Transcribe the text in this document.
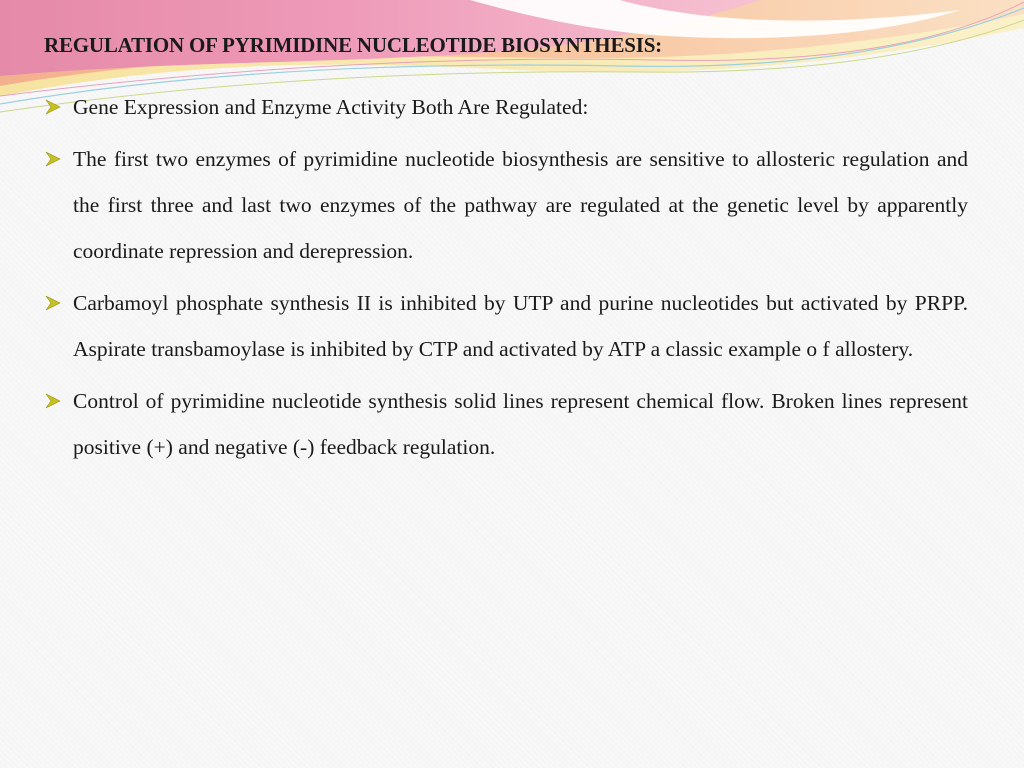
REGULATION OF PYRIMIDINE NUCLEOTIDE BIOSYNTHESIS:
Gene Expression and Enzyme Activity Both Are Regulated:
The first two enzymes of pyrimidine nucleotide biosynthesis are sensitive to allosteric regulation and the first three and last two enzymes of the pathway are regulated at the genetic level by apparently coordinate repression and derepression.
Carbamoyl phosphate synthesis II is inhibited by UTP and purine nucleotides but activated by PRPP. Aspirate transbamoylase is inhibited by CTP and activated by ATP a classic example o f allostery.
Control of pyrimidine nucleotide synthesis solid lines represent chemical flow. Broken lines represent positive (+) and negative (-) feedback regulation.
